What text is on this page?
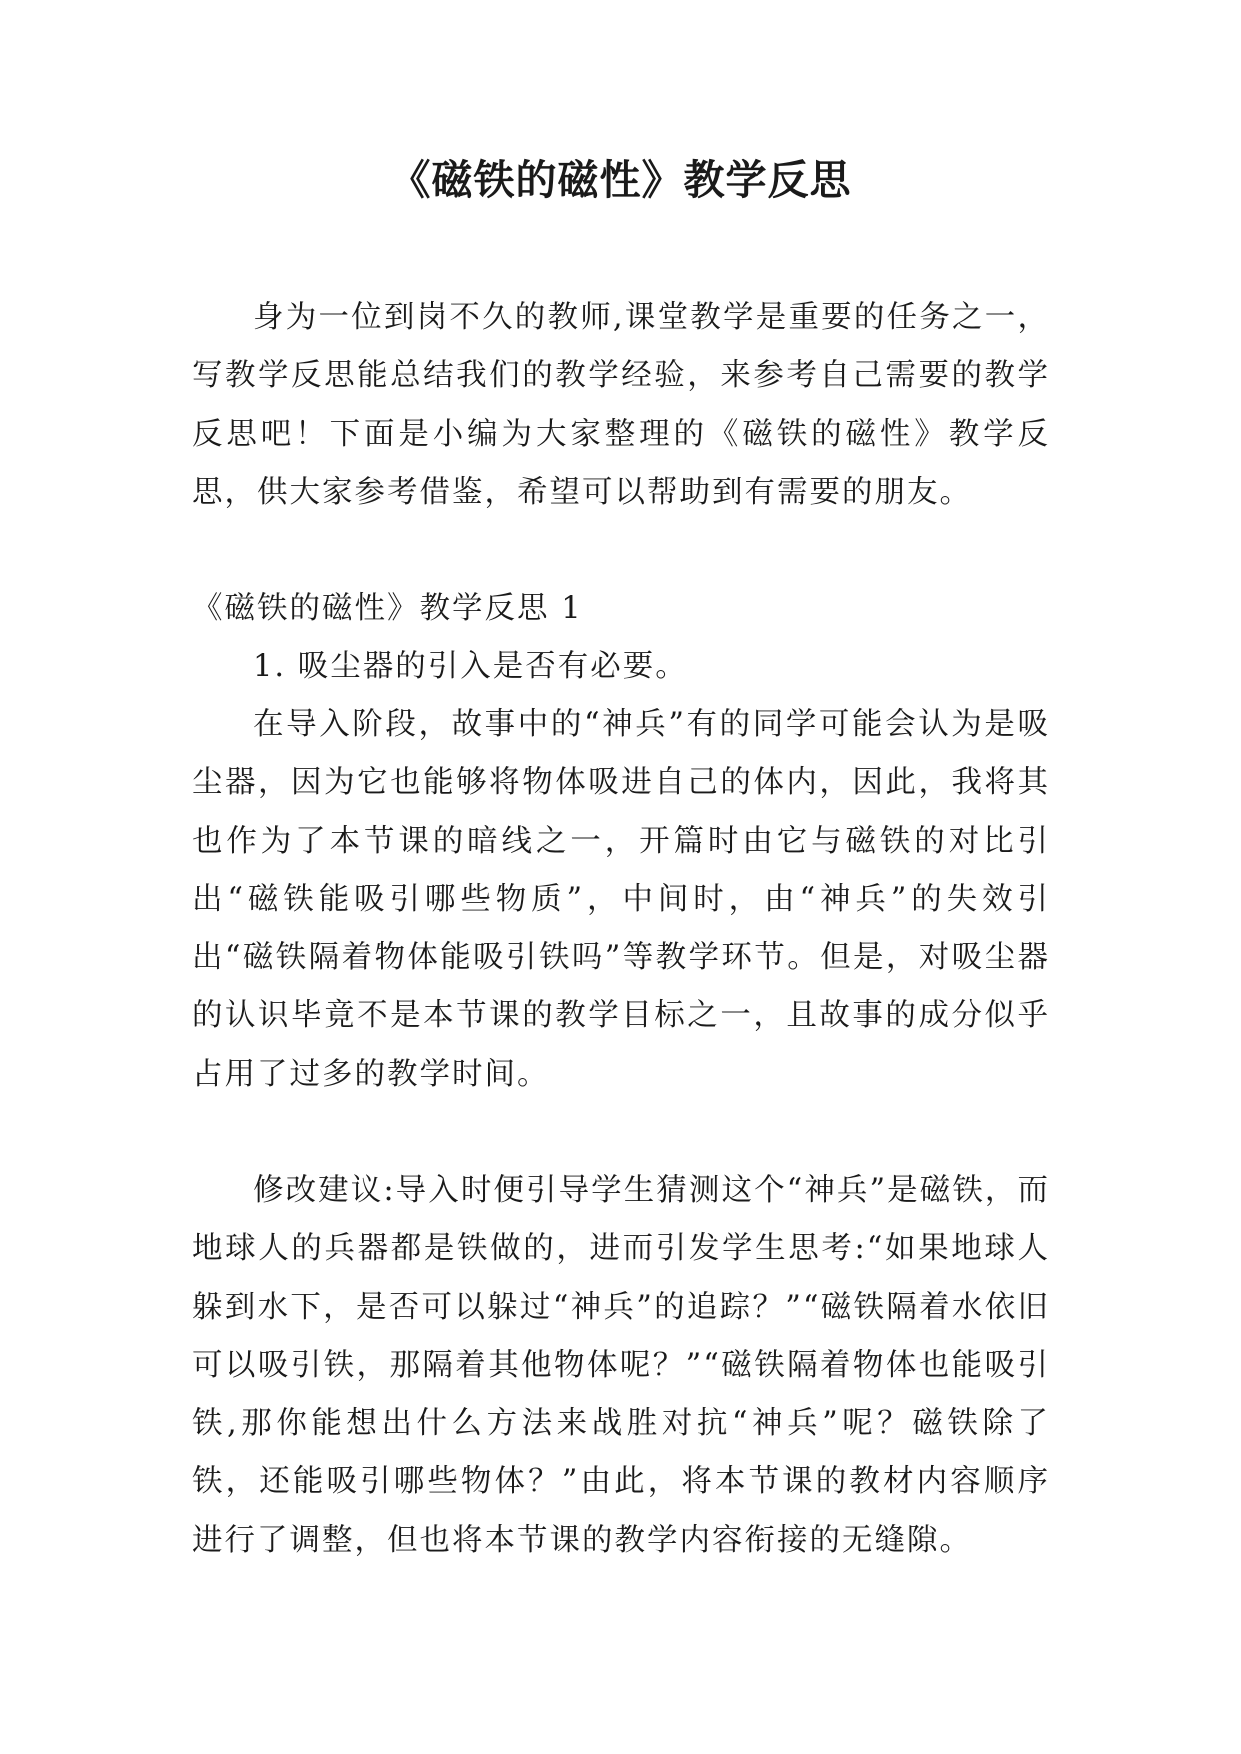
《磁铁的磁性》教学反思

身为一位到岗不久的教师,课堂教学是重要的任务之一，写教学反思能总结我们的教学经验，来参考自己需要的教学反思吧！下面是小编为大家整理的《磁铁的磁性》教学反思，供大家参考借鉴，希望可以帮助到有需要的朋友。

《磁铁的磁性》教学反思 1

1. 吸尘器的引入是否有必要。

在导入阶段，故事中的“神兵”有的同学可能会认为是吸尘器，因为它也能够将物体吸进自己的体内，因此，我将其也作为了本节课的暗线之一，开篇时由它与磁铁的对比引出“磁铁能吸引哪些物质”，中间时，由“神兵”的失效引出“磁铁隔着物体能吸引铁吗”等教学环节。但是，对吸尘器的认识毕竟不是本节课的教学目标之一，且故事的成分似乎占用了过多的教学时间。

修改建议:导入时便引导学生猜测这个“神兵”是磁铁，而地球人的兵器都是铁做的，进而引发学生思考:“如果地球人躲到水下，是否可以躲过“神兵”的追踪？”“磁铁隔着水依旧可以吸引铁，那隔着其他物体呢？”“磁铁隔着物体也能吸引铁,那你能想出什么方法来战胜对抗“神兵”呢？磁铁除了铁，还能吸引哪些物体？”由此，将本节课的教材内容顺序进行了调整，但也将本节课的教学内容衔接的无缝隙。
